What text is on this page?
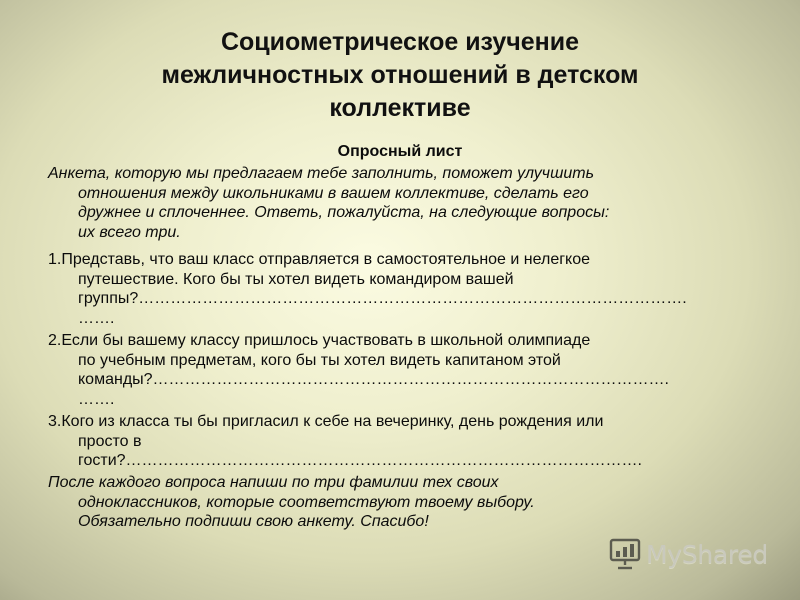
Социометрическое изучение
межличностных отношений в детском
коллективе
Опросный лист
Анкета, которую мы предлагаем тебе заполнить, поможет улучшить
отношения между школьниками в вашем коллективе, сделать его
дружнее и сплоченнее. Ответь, пожалуйста, на следующие вопросы:
их всего три.
1.Представь, что ваш класс отправляется в самостоятельное и нелегкое
путешествие. Кого бы ты хотел видеть командиром вашей
группы?………………………………………………………………………………………….
…….
2.Если бы вашему классу пришлось участвовать в школьной олимпиаде
по учебным предметам, кого бы ты хотел видеть капитаном этой
команды?…………………………………………………………………………………….
…….
3.Кого из класса ты бы пригласил к себе на вечеринку, день рождения или
просто в
гости?…………………………………………………………………………………….
После каждого вопроса напиши по три фамилии тех своих
одноклассников, которые соответствуют твоему выбору.
Обязательно подпиши свою анкету. Спасибо!
MyShared
